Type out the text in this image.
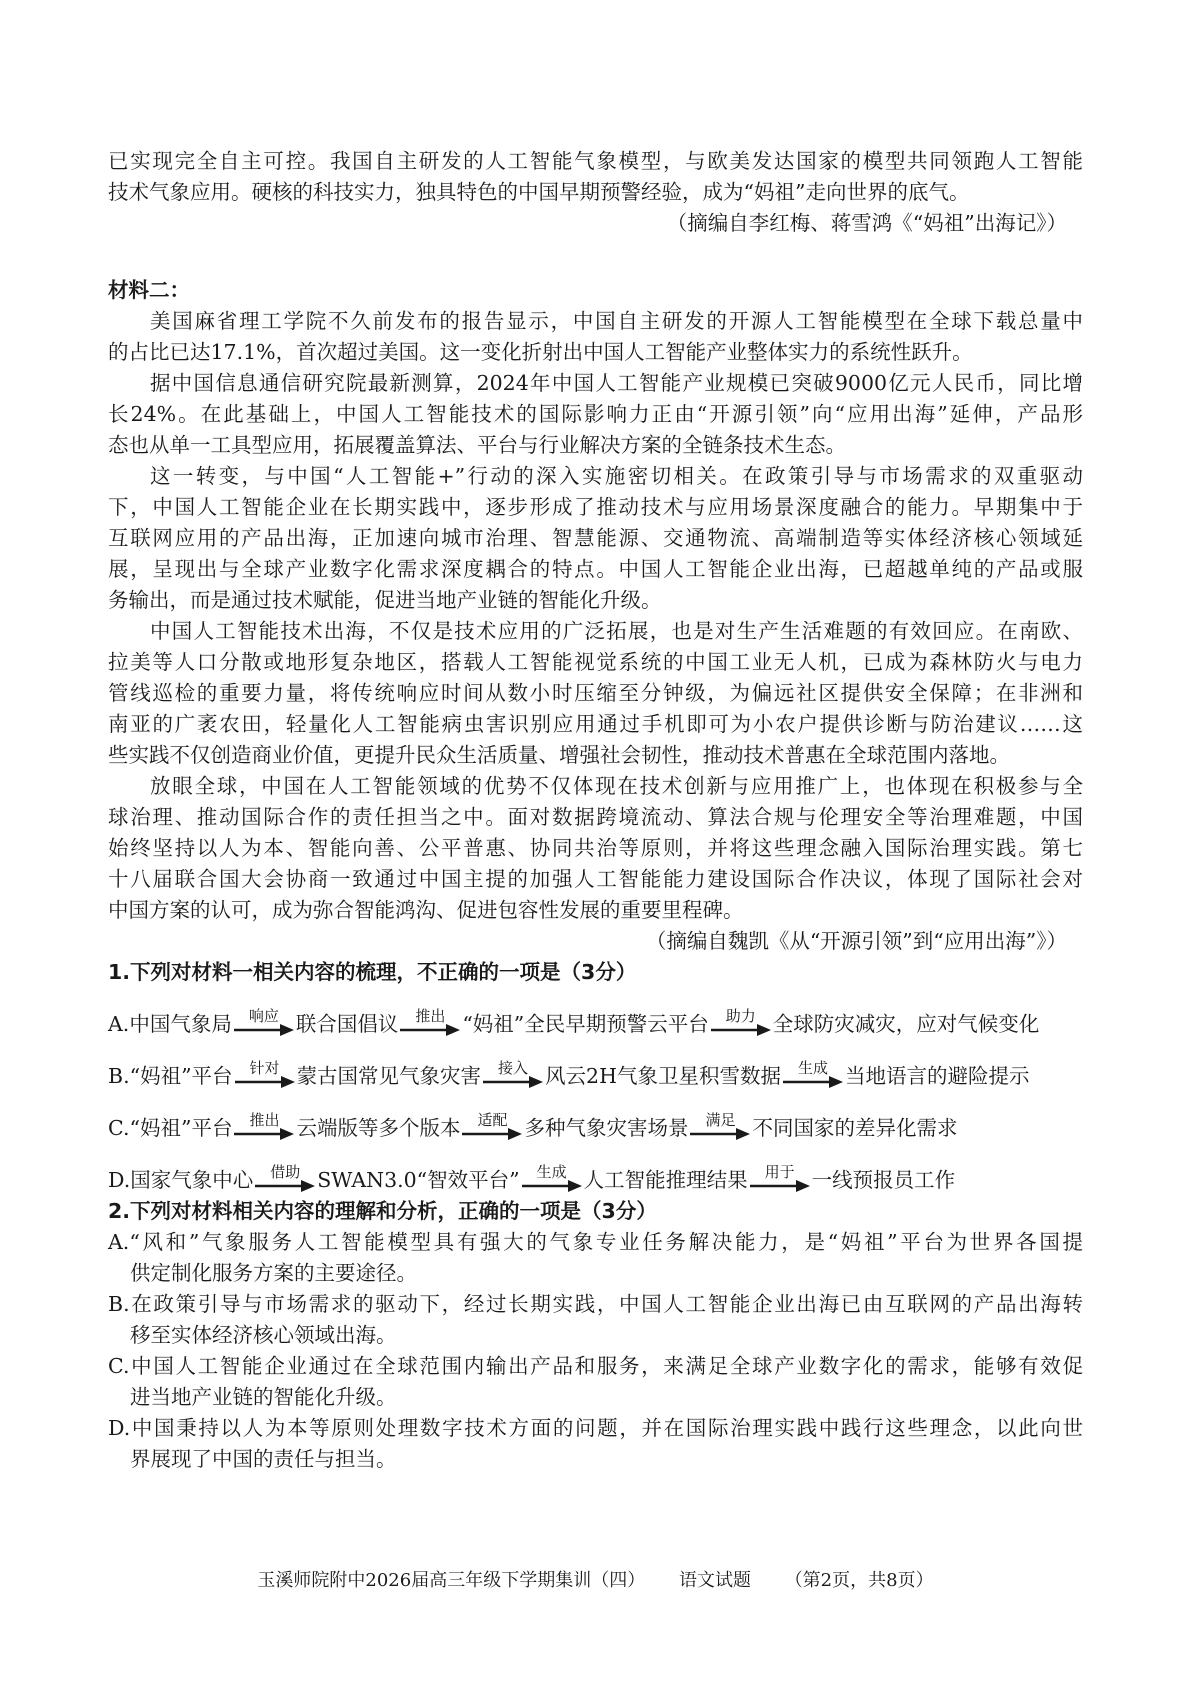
已实现完全自主可控。我国自主研发的人工智能气象模型，与欧美发达国家的模型共同领跑人工智能
技术气象应用。硬核的科技实力，独具特色的中国早期预警经验，成为“妈祖”走向世界的底气。
（摘编自李红梅、蒋雪鸿《“妈祖”出海记》）
材料二：
美国麻省理工学院不久前发布的报告显示，中国自主研发的开源人工智能模型在全球下载总量中
的占比已达17.1%，首次超过美国。这一变化折射出中国人工智能产业整体实力的系统性跃升。
据中国信息通信研究院最新测算，2024年中国人工智能产业规模已突破9000亿元人民币，同比增
长24%。在此基础上，中国人工智能技术的国际影响力正由“开源引领”向“应用出海”延伸，产品形
态也从单一工具型应用，拓展覆盖算法、平台与行业解决方案的全链条技术生态。
这一转变，与中国“人工智能+”行动的深入实施密切相关。在政策引导与市场需求的双重驱动
下，中国人工智能企业在长期实践中，逐步形成了推动技术与应用场景深度融合的能力。早期集中于
互联网应用的产品出海，正加速向城市治理、智慧能源、交通物流、高端制造等实体经济核心领域延
展，呈现出与全球产业数字化需求深度耦合的特点。中国人工智能企业出海，已超越单纯的产品或服
务输出，而是通过技术赋能，促进当地产业链的智能化升级。
中国人工智能技术出海，不仅是技术应用的广泛拓展，也是对生产生活难题的有效回应。在南欧、
拉美等人口分散或地形复杂地区，搭载人工智能视觉系统的中国工业无人机，已成为森林防火与电力
管线巡检的重要力量，将传统响应时间从数小时压缩至分钟级，为偏远社区提供安全保障；在非洲和
南亚的广袤农田，轻量化人工智能病虫害识别应用通过手机即可为小农户提供诊断与防治建议……这
些实践不仅创造商业价值，更提升民众生活质量、增强社会韧性，推动技术普惠在全球范围内落地。
放眼全球，中国在人工智能领域的优势不仅体现在技术创新与应用推广上，也体现在积极参与全
球治理、推动国际合作的责任担当之中。面对数据跨境流动、算法合规与伦理安全等治理难题，中国
始终坚持以人为本、智能向善、公平普惠、协同共治等原则，并将这些理念融入国际治理实践。第七
十八届联合国大会协商一致通过中国主提的加强人工智能能力建设国际合作决议，体现了国际社会对
中国方案的认可，成为弥合智能鸿沟、促进包容性发展的重要里程碑。
（摘编自魏凯《从“开源引领”到“应用出海”》）
1.下列对材料一相关内容的梳理，不正确的一项是（3分）
A. 中国气象局 响应 联合国倡议 推出 “妈祖”全民早期预警云平台 助力 全球防灾减灾，应对气候变化
B. “妈祖”平台 针对 蒙古国常见气象灾害 接入 风云2H气象卫星积雪数据 生成 当地语言的避险提示
C. “妈祖”平台 推出 云端版等多个版本 适配 多种气象灾害场景 满足 不同国家的差异化需求
D. 国家气象中心 借助 SWAN3.0“智效平台” 生成 人工智能推理结果 用于 一线预报员工作
2.下列对材料相关内容的理解和分析，正确的一项是（3分）
A.“风和”气象服务人工智能模型具有强大的气象专业任务解决能力，是“妈祖”平台为世界各国提
供定制化服务方案的主要途径。
B.在政策引导与市场需求的驱动下，经过长期实践，中国人工智能企业出海已由互联网的产品出海转
移至实体经济核心领域出海。
C.中国人工智能企业通过在全球范围内输出产品和服务，来满足全球产业数字化的需求，能够有效促
进当地产业链的智能化升级。
D.中国秉持以人为本等原则处理数字技术方面的问题，并在国际治理实践中践行这些理念，以此向世
界展现了中国的责任与担当。
玉溪师院附中2026届高三年级下学期集训（四） 语文试题 （第2页，共8页）
